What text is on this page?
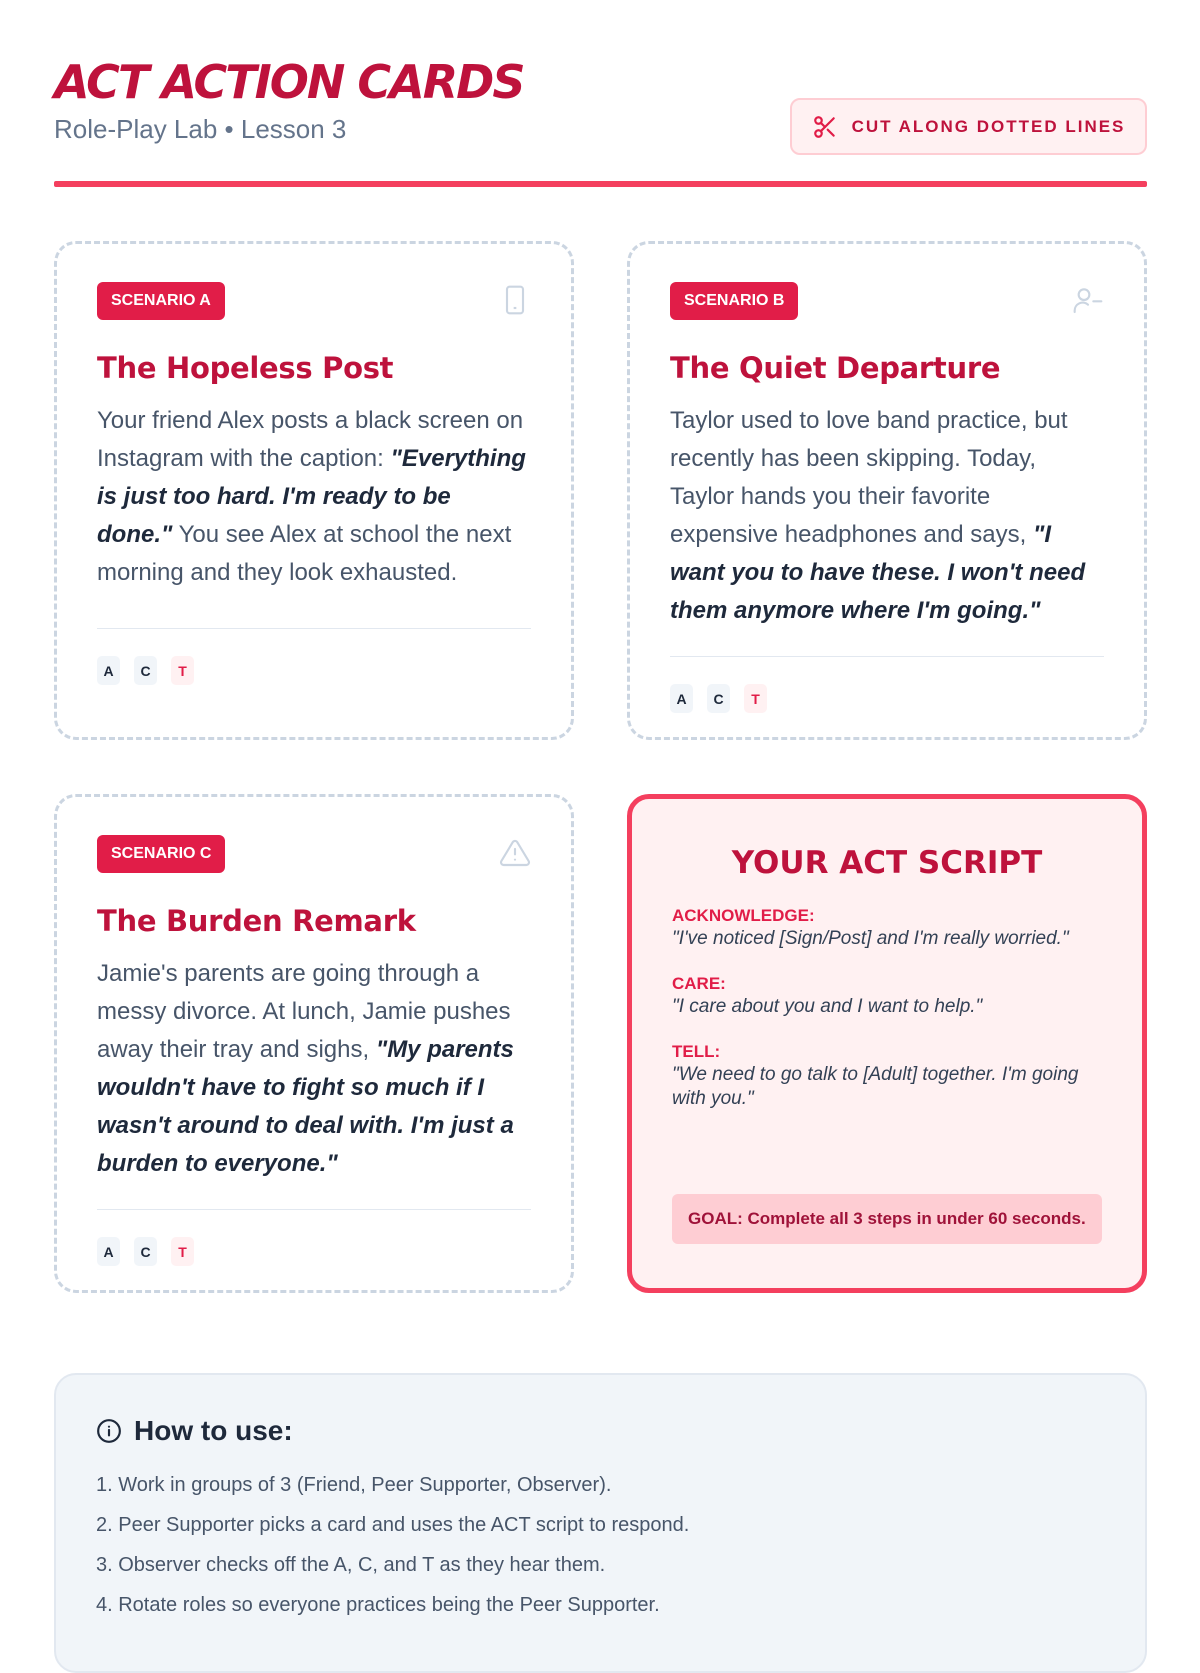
ACT ACTION CARDS
Role-Play Lab • Lesson 3	CUT ALONG DOTTED LINES
SCENARIO A
The Hopeless Post
Your friend Alex posts a black screen on Instagram with the caption: "Everything is just too hard. I'm ready to be done." You see Alex at school the next morning and they look exhausted.
A	C	T
SCENARIO B
The Quiet Departure
Taylor used to love band practice, but recently has been skipping. Today, Taylor hands you their favorite expensive headphones and says, "I want you to have these. I won't need them anymore where I'm going."
A	C	T
SCENARIO C
The Burden Remark
Jamie's parents are going through a messy divorce. At lunch, Jamie pushes away their tray and sighs, "My parents wouldn't have to fight so much if I wasn't around to deal with. I'm just a burden to everyone."
A	C	T
YOUR ACT SCRIPT
ACKNOWLEDGE:
"I've noticed [Sign/Post] and I'm really worried."
CARE:
"I care about you and I want to help."
TELL:
"We need to go talk to [Adult] together. I'm going with you."
GOAL: Complete all 3 steps in under 60 seconds.
How to use:
1. Work in groups of 3 (Friend, Peer Supporter, Observer).
2. Peer Supporter picks a card and uses the ACT script to respond.
3. Observer checks off the A, C, and T as they hear them.
4. Rotate roles so everyone practices being the Peer Supporter.
